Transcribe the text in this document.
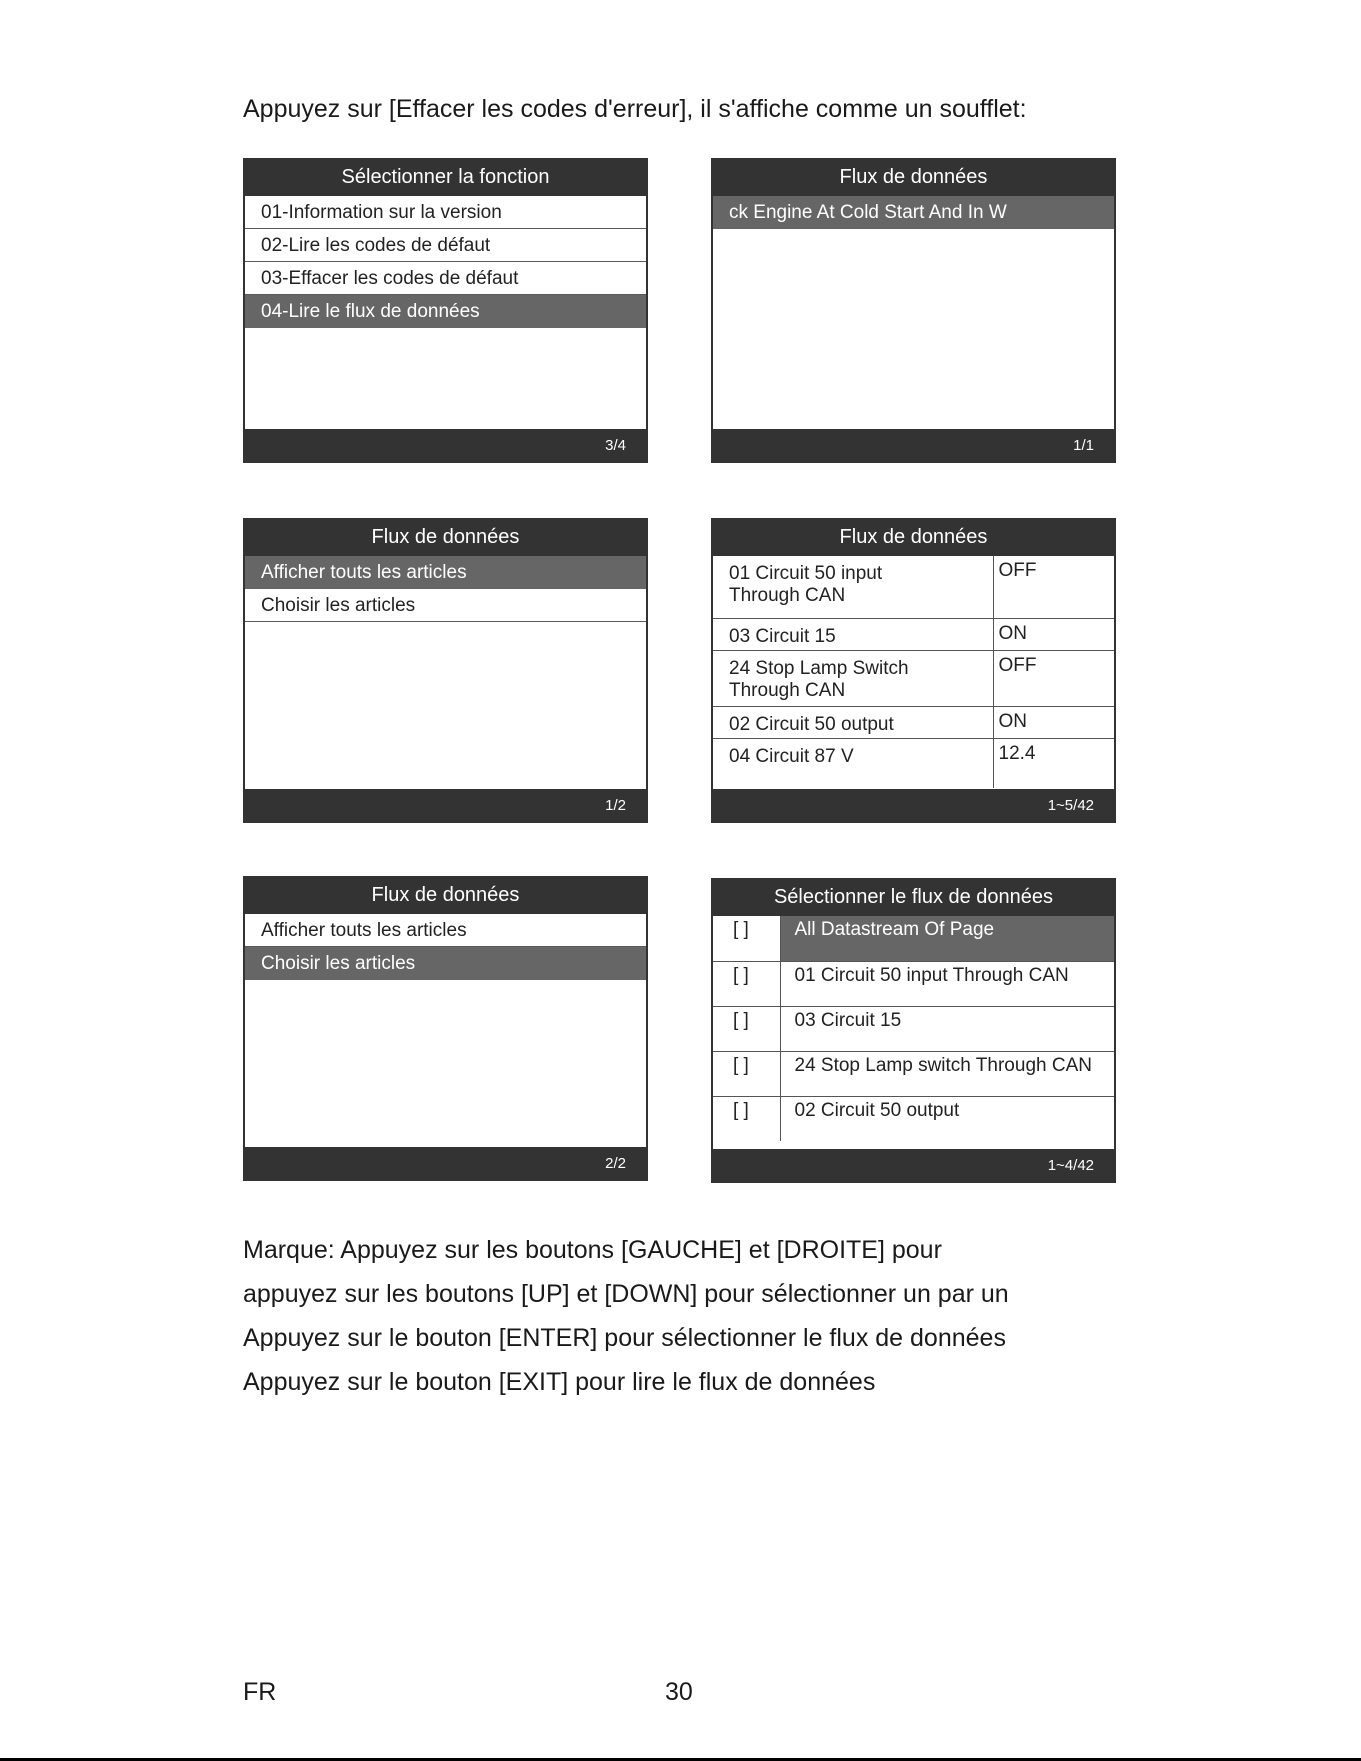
Appuyez sur [Effacer les codes d'erreur], il s'affiche comme un soufflet:

Sélectionner la fonction
01-Information sur la version
02-Lire les codes de défaut
03-Effacer les codes de défaut
04-Lire le flux de données
3/4
Flux de données
ck Engine At Cold Start And In W
1/1
Flux de données
Afficher touts les articles
Choisir les articles
1/2
Flux de données
01 Circuit 50 input
Through CAN	OFF
03 Circuit 15	ON
24 Stop Lamp Switch
Through CAN	OFF
02 Circuit 50 output	ON
04 Circuit 87 V	12.4
1~5/42
Flux de données
Afficher touts les articles
Choisir les articles
2/2
Sélectionner le flux de données
[ ]	All Datastream Of Page
[ ]	01 Circuit 50 input Through CAN
[ ]	03 Circuit 15
[ ]	24 Stop Lamp switch Through CAN
[ ]	02 Circuit 50 output
1~4/42
Marque: Appuyez sur les boutons [GAUCHE] et [DROITE] pour
appuyez sur les boutons [UP] et [DOWN] pour sélectionner un par un
Appuyez sur le bouton [ENTER] pour sélectionner le flux de données
Appuyez sur le bouton [EXIT] pour lire le flux de données
FR	30
